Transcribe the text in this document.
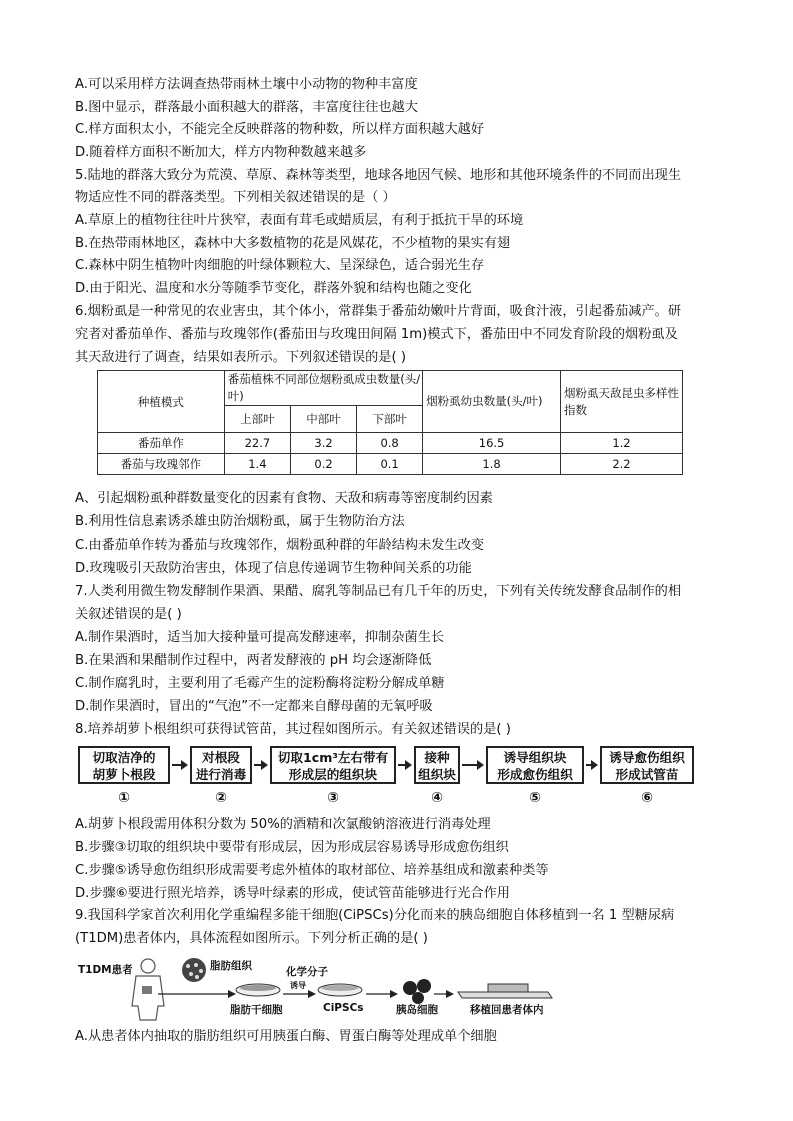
A.可以采用样方法调查热带雨林土壤中小动物的物种丰富度
B.图中显示，群落最小面积越大的群落，丰富度往往也越大
C.样方面积太小，不能完全反映群落的物种数，所以样方面积越大越好
D.随着样方面积不断加大，样方内物种数越来越多
5.陆地的群落大致分为荒漠、草原、森林等类型，地球各地因气候、地形和其他环境条件的不同而出现生
物适应性不同的群落类型。下列相关叙述错误的是（ ）
A.草原上的植物往往叶片狭窄，表面有茸毛或蜡质层，有利于抵抗干旱的环境
B.在热带雨林地区，森林中大多数植物的花是风媒花，不少植物的果实有翅
C.森林中阴生植物叶肉细胞的叶绿体颗粒大、呈深绿色，适合弱光生存
D.由于阳光、温度和水分等随季节变化，群落外貌和结构也随之变化
6.烟粉虱是一种常见的农业害虫，其个体小，常群集于番茄幼嫩叶片背面，吸食汁液，引起番茄减产。研
究者对番茄单作、番茄与玫瑰邻作(番茄田与玫瑰田间隔 1m)模式下，番茄田中不同发育阶段的烟粉虱及
其天敌进行了调查，结果如表所示。下列叙述错误的是( )
种植模式	番茄植株不同部位烟粉虱成虫数量(头/叶)			烟粉虱幼虫数量(头/叶)	烟粉虱天敌昆虫多样性指数
	上部叶	中部叶	下部叶		
番茄单作	22.7	3.2	0.8	16.5	1.2
番茄与玫瑰邻作	1.4	0.2	0.1	1.8	2.2
A、引起烟粉虱种群数量变化的因素有食物、天敌和病毒等密度制约因素
B.利用性信息素诱杀雄虫防治烟粉虱，属于生物防治方法
C.由番茄单作转为番茄与玫瑰邻作，烟粉虱种群的年龄结构未发生改变
D.玫瑰吸引天敌防治害虫，体现了信息传递调节生物种间关系的功能
7.人类利用微生物发酵制作果酒、果醋、腐乳等制品已有几千年的历史，下列有关传统发酵食品制作的相
关叙述错误的是( )
A.制作果酒时，适当加大接种量可提高发酵速率，抑制杂菌生长
B.在果酒和果醋制作过程中，两者发酵液的 pH 均会逐渐降低
C.制作腐乳时，主要利用了毛霉产生的淀粉酶将淀粉分解成单糖
D.制作果酒时，冒出的“气泡”不一定都来自酵母菌的无氧呼吸
8.培养胡萝卜根组织可获得试管苗，其过程如图所示。有关叙述错误的是( )
切取洁净的
胡萝卜根段
对根段
进行消毒
切取1cm³左右带有
形成层的组织块
接种
组织块
诱导组织块
形成愈伤组织
诱导愈伤组织
形成试管苗
①	②	③	④	⑤	⑥
A.胡萝卜根段需用体积分数为 50%的酒精和次氯酸钠溶液进行消毒处理
B.步骤③切取的组织块中要带有形成层，因为形成层容易诱导形成愈伤组织
C.步骤⑤诱导愈伤组织形成需要考虑外植体的取材部位、培养基组成和激素种类等
D.步骤⑥要进行照光培养，诱导叶绿素的形成，使试管苗能够进行光合作用
9.我国科学家首次利用化学重编程多能干细胞(CiPSCs)分化而来的胰岛细胞自体移植到一名 1 型糖尿病
(T1DM)患者体内，具体流程如图所示。下列分析正确的是( )
T1DM患者	脂肪组织
脂肪干细胞
化学分子
诱导
CiPSCs	胰岛细胞	移植回患者体内
A.从患者体内抽取的脂肪组织可用胰蛋白酶、胃蛋白酶等处理成单个细胞
